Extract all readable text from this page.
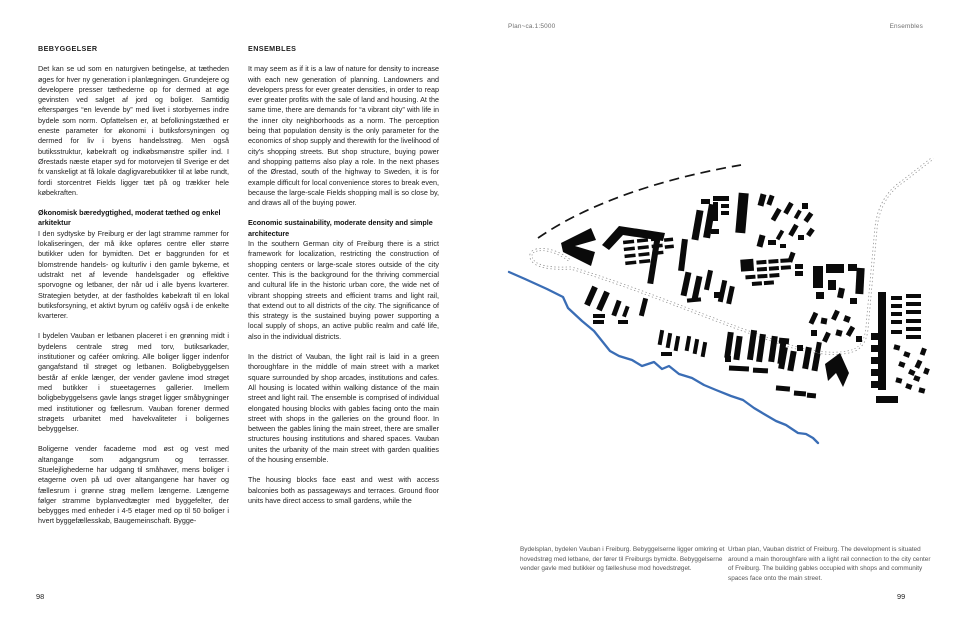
BEBYGGELSER

Det kan se ud som en naturgiven betingelse, at tætheden øges for hver ny generation i planlægningen. Grundejere og developere presser tæthederne op for dermed at øge gevinsten ved salget af jord og boliger. Samtidig efterspørges “en levende by” med livet i storbyernes indre bydele som norm. Opfattelsen er, at befolkningstæthed er eneste parameter for økonomi i butiksforsyningen og dermed for liv i byens handelsstrøg. Men også butiksstruktur, købekraft og indkøbsmønstre spiller ind. I Ørestads næste etaper syd for motorvejen til Sverige er det fx vanskeligt at få lokale dagligvarebutikker til at løbe rundt, fordi storcentret Fields ligger tæt på og trækker hele købekraften.

Økonomisk bæredygtighed, moderat tæthed og enkel arkitektur

I den sydtyske by Freiburg er der lagt stramme rammer for lokaliseringen, der må ikke opføres centre eller større butikker uden for bymidten. Det er baggrunden for et blomstrende handels- og kulturliv i den gamle bykerne, et udstrakt net af levende handelsgader og effektive sporvogne og letbaner, der når ud i alle byens kvarterer. Strategien betyder, at der fastholdes købekraft til en lokal butiksforsyning, et aktivt byrum og caféliv også i de enkelte kvarterer.

I bydelen Vauban er letbanen placeret i en grønning midt i bydelens centrale strøg med torv, butiksarkader, institutioner og caféer omkring. Alle boliger ligger indenfor gangafstand til strøget og letbanen. Boligbebyggelsen består af enkle længer, der vender gavlene imod strøget med butikker i stueetagernes gallerier. Imellem boligbebyggelsens gavle langs strøget ligger småbygninger med institutioner og fællesrum. Vauban forener dermed strøgets urbanitet med havekvaliteter i boligernes bebyggelser.

Boligerne vender facaderne mod øst og vest med altangange som adgangsrum og terrasser. Stuelejlighederne har udgang til småhaver, mens boliger i etagerne oven på ud over altangangene har haver og fællesrum i grønne strøg mellem længerne. Længerne følger stramme byplanvedtægter med byggefelter, der bebygges med enheder i 4-5 etager med op til 50 boliger i hvert byggefællesskab, Baugemeinschaft. Bygge-

ENSEMBLES

It may seem as if it is a law of nature for density to increase with each new generation of planning. Landowners and developers press for ever greater densities, in order to reap ever greater profits with the sale of land and housing. At the same time, there are demands for “a vibrant city” with life in the inner city neighborhoods as a norm. The perception being that population density is the only parameter for the economics of shop supply and therewith for the livelihood of city's shopping streets. But shop structure, buying power and shopping patterns also play a role. In the next phases of the Ørestad, south of the highway to Sweden, it is for example difficult for local convenience stores to break even, because the large-scale Fields shopping mall is so close by, and draws all of the buying power.

Economic sustainability, moderate density and simple architecture

In the southern German city of Freiburg there is a strict framework for localization, restricting the construction of shopping centers or large-scale stores outside of the city center. This is the background for the thriving commercial and cultural life in the historic urban core, the wide net of vibrant shopping streets and efficient trams and light rail, that extend out to all districts of the city. The significance of this strategy is the sustained buying power supporting a local supply of shops, an active public realm and café life, also in the individual districts.

In the district of Vauban, the light rail is laid in a green thoroughfare in the middle of main street with a market square surrounded by shop arcades, institutions and cafes. All housing is located within walking distance of the main street and light rail. The ensemble is comprised of individual elongated housing blocks with gables facing onto the main street with shops in the galleries on the ground floor. In between the gables lining the main street, there are smaller structures housing institutions and shared spaces. Vauban unites the urbanity of the main street with garden qualities of the housing ensemble.

The housing blocks face east and west with access balconies both as passageways and terraces. Ground floor units have direct access to small gardens, while the

98
Plan~ca.1:5000	Ensembles
Bydelsplan, bydelen Vauban i Freiburg. Bebyggelserne ligger omkring et hovedstrøg med letbane, der fører til Freiburgs bymidte. Bebyggelserne vender gavle med butikker og fælleshuse mod hovedstrøget.
Urban plan, Vauban district of Freiburg. The development is situated around a main thoroughfare with a light rail connection to the city center of Freiburg. The building gables occupied with shops and community spaces face onto the main street.
99
